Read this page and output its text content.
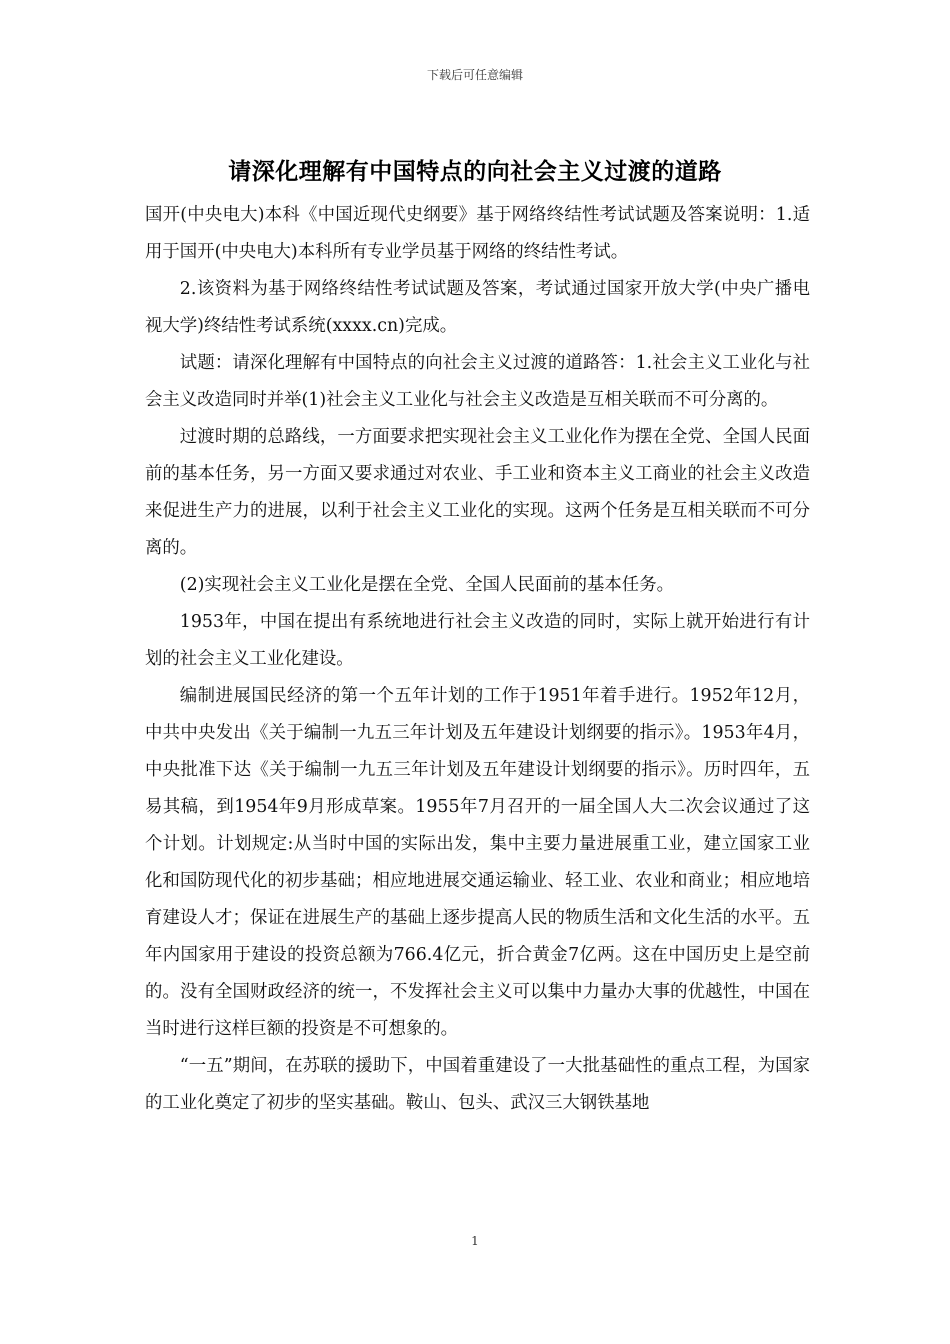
下载后可任意编辑
请深化理解有中国特点的向社会主义过渡的道路

国开(中央电大)本科《中国近现代史纲要》基于网络终结性考试试题及答案说明：1.适用于国开(中央电大)本科所有专业学员基于网络的终结性考试。

2.该资料为基于网络终结性考试试题及答案，考试通过国家开放大学(中央广播电视大学)终结性考试系统(xxxx.cn)完成。

试题：请深化理解有中国特点的向社会主义过渡的道路答：1.社会主义工业化与社会主义改造同时并举(1)社会主义工业化与社会主义改造是互相关联而不可分离的。

过渡时期的总路线，一方面要求把实现社会主义工业化作为摆在全党、全国人民面前的基本任务，另一方面又要求通过对农业、手工业和资本主义工商业的社会主义改造来促进生产力的进展，以利于社会主义工业化的实现。这两个任务是互相关联而不可分离的。

(2)实现社会主义工业化是摆在全党、全国人民面前的基本任务。

1953年，中国在提出有系统地进行社会主义改造的同时，实际上就开始进行有计划的社会主义工业化建设。

编制进展国民经济的第一个五年计划的工作于1951年着手进行。1952年12月，中共中央发出《关于编制一九五三年计划及五年建设计划纲要的指示》。1953年4月，中央批准下达《关于编制一九五三年计划及五年建设计划纲要的指示》。历时四年，五易其稿，到1954年9月形成草案。1955年7月召开的一届全国人大二次会议通过了这个计划。计划规定:从当时中国的实际出发，集中主要力量进展重工业，建立国家工业化和国防现代化的初步基础；相应地进展交通运输业、轻工业、农业和商业；相应地培育建设人才；保证在进展生产的基础上逐步提高人民的物质生活和文化生活的水平。五年内国家用于建设的投资总额为766.4亿元，折合黄金7亿两。这在中国历史上是空前的。没有全国财政经济的统一，不发挥社会主义可以集中力量办大事的优越性，中国在当时进行这样巨额的投资是不可想象的。

“一五”期间，在苏联的援助下，中国着重建设了一大批基础性的重点工程，为国家的工业化奠定了初步的坚实基础。鞍山、包头、武汉三大钢铁基地

1
